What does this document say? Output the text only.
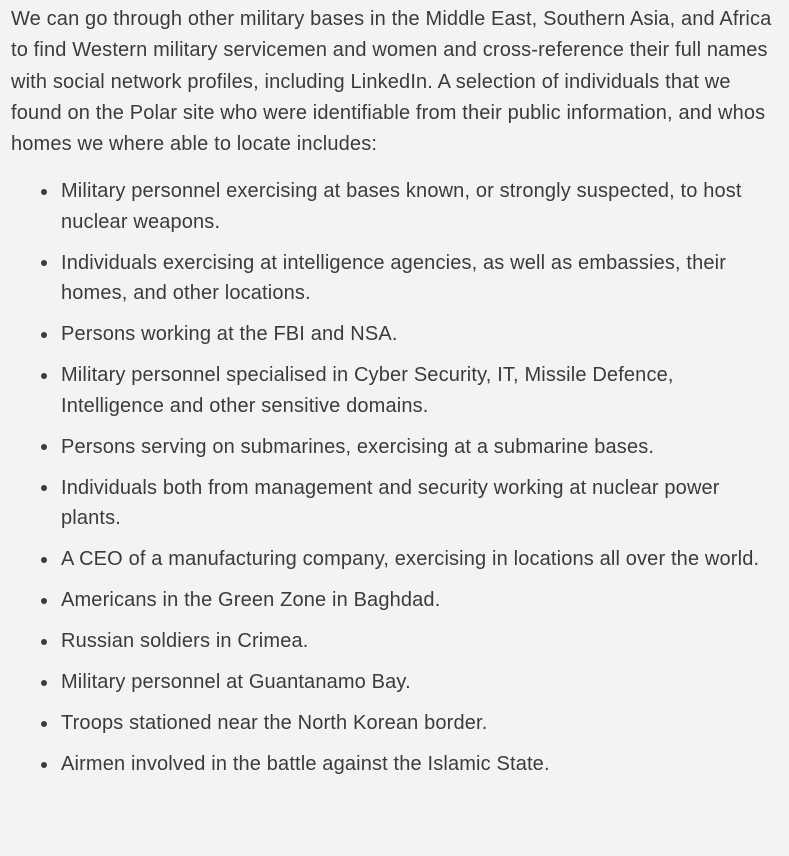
We can go through other military bases in the Middle East, Southern Asia, and Africa to find Western military servicemen and women and cross-reference their full names with social network profiles, including LinkedIn. A selection of individuals that we found on the Polar site who were identifiable from their public information, and whos homes we where able to locate includes:

Military personnel exercising at bases known, or strongly suspected, to host nuclear weapons.
Individuals exercising at intelligence agencies, as well as embassies, their homes, and other locations.
Persons working at the FBI and NSA.
Military personnel specialised in Cyber Security, IT, Missile Defence, Intelligence and other sensitive domains.
Persons serving on submarines, exercising at a submarine bases.
Individuals both from management and security working at nuclear power plants.
A CEO of a manufacturing company, exercising in locations all over the world.
Americans in the Green Zone in Baghdad.
Russian soldiers in Crimea.
Military personnel at Guantanamo Bay.
Troops stationed near the North Korean border.
Airmen involved in the battle against the Islamic State.
